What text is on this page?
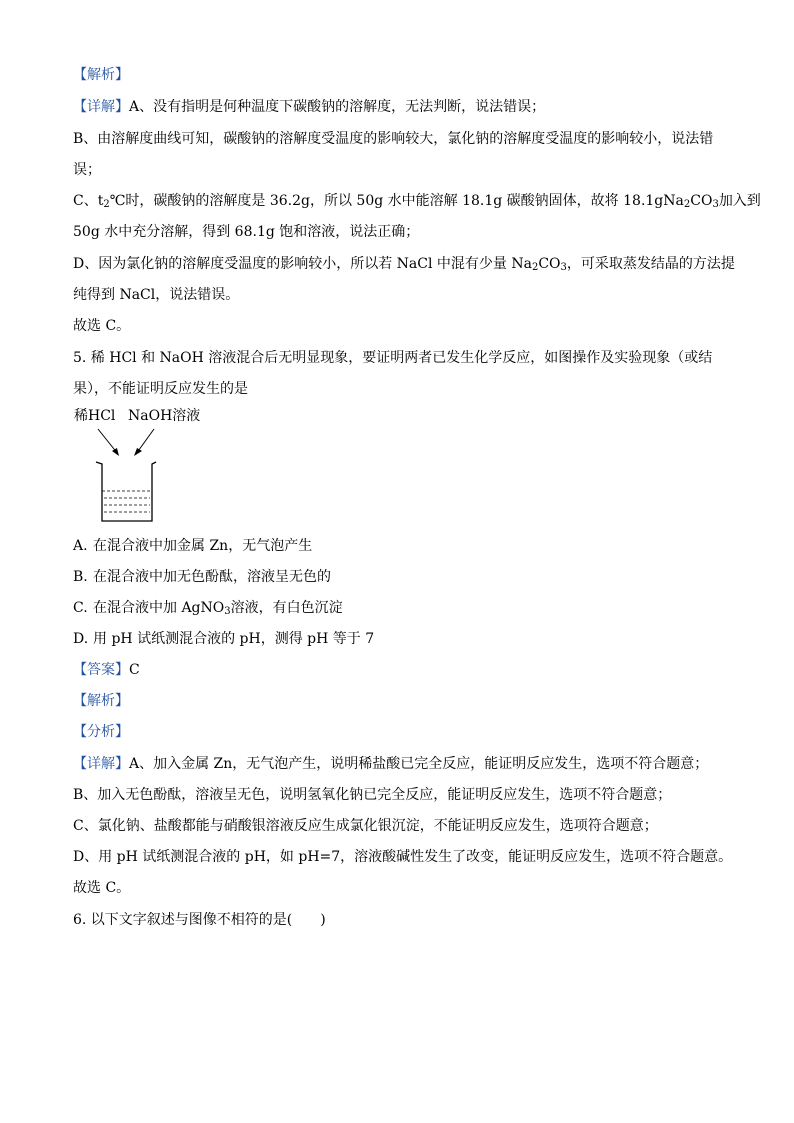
【解析】
【详解】A、没有指明是何种温度下碳酸钠的溶解度，无法判断，说法错误；
B、由溶解度曲线可知，碳酸钠的溶解度受温度的影响较大，氯化钠的溶解度受温度的影响较小，说法错
误；
C、$t_2℃$时，碳酸钠的溶解度是 36.2g，所以 50g 水中能溶解 18.1g 碳酸钠固体，故将 $18.1gNa_2CO_3$加入到
50g 水中充分溶解，得到 68.1g 饱和溶液，说法正确；
D、因为氯化钠的溶解度受温度的影响较小，所以若 NaCl 中混有少量 $Na_2CO_3$，可采取蒸发结晶的方法提
纯得到 NaCl，说法错误。
故选 C。
5. 稀 HCl 和 NaOH 溶液混合后无明显现象，要证明两者已发生化学反应，如图操作及实验现象（或结
果），不能证明反应发生的是
稀HCl NaOH溶液
A. 在混合液中加金属 Zn，无气泡产生
B. 在混合液中加无色酚酞，溶液呈无色的
C. 在混合液中加 AgNO$_3$溶液，有白色沉淀
D. 用 pH 试纸测混合液的 pH，测得 pH 等于 7
【答案】C
【解析】
【分析】
【详解】A、加入金属 Zn，无气泡产生，说明稀盐酸已完全反应，能证明反应发生，选项不符合题意；
B、加入无色酚酞，溶液呈无色，说明氢氧化钠已完全反应，能证明反应发生，选项不符合题意；
C、氯化钠、盐酸都能与硝酸银溶液反应生成氯化银沉淀，不能证明反应发生，选项符合题意；
D、用 pH 试纸测混合液的 pH，如 pH=7，溶液酸碱性发生了改变，能证明反应发生，选项不符合题意。
故选 C。
6. 以下文字叙述与图像不相符的是(　　)
